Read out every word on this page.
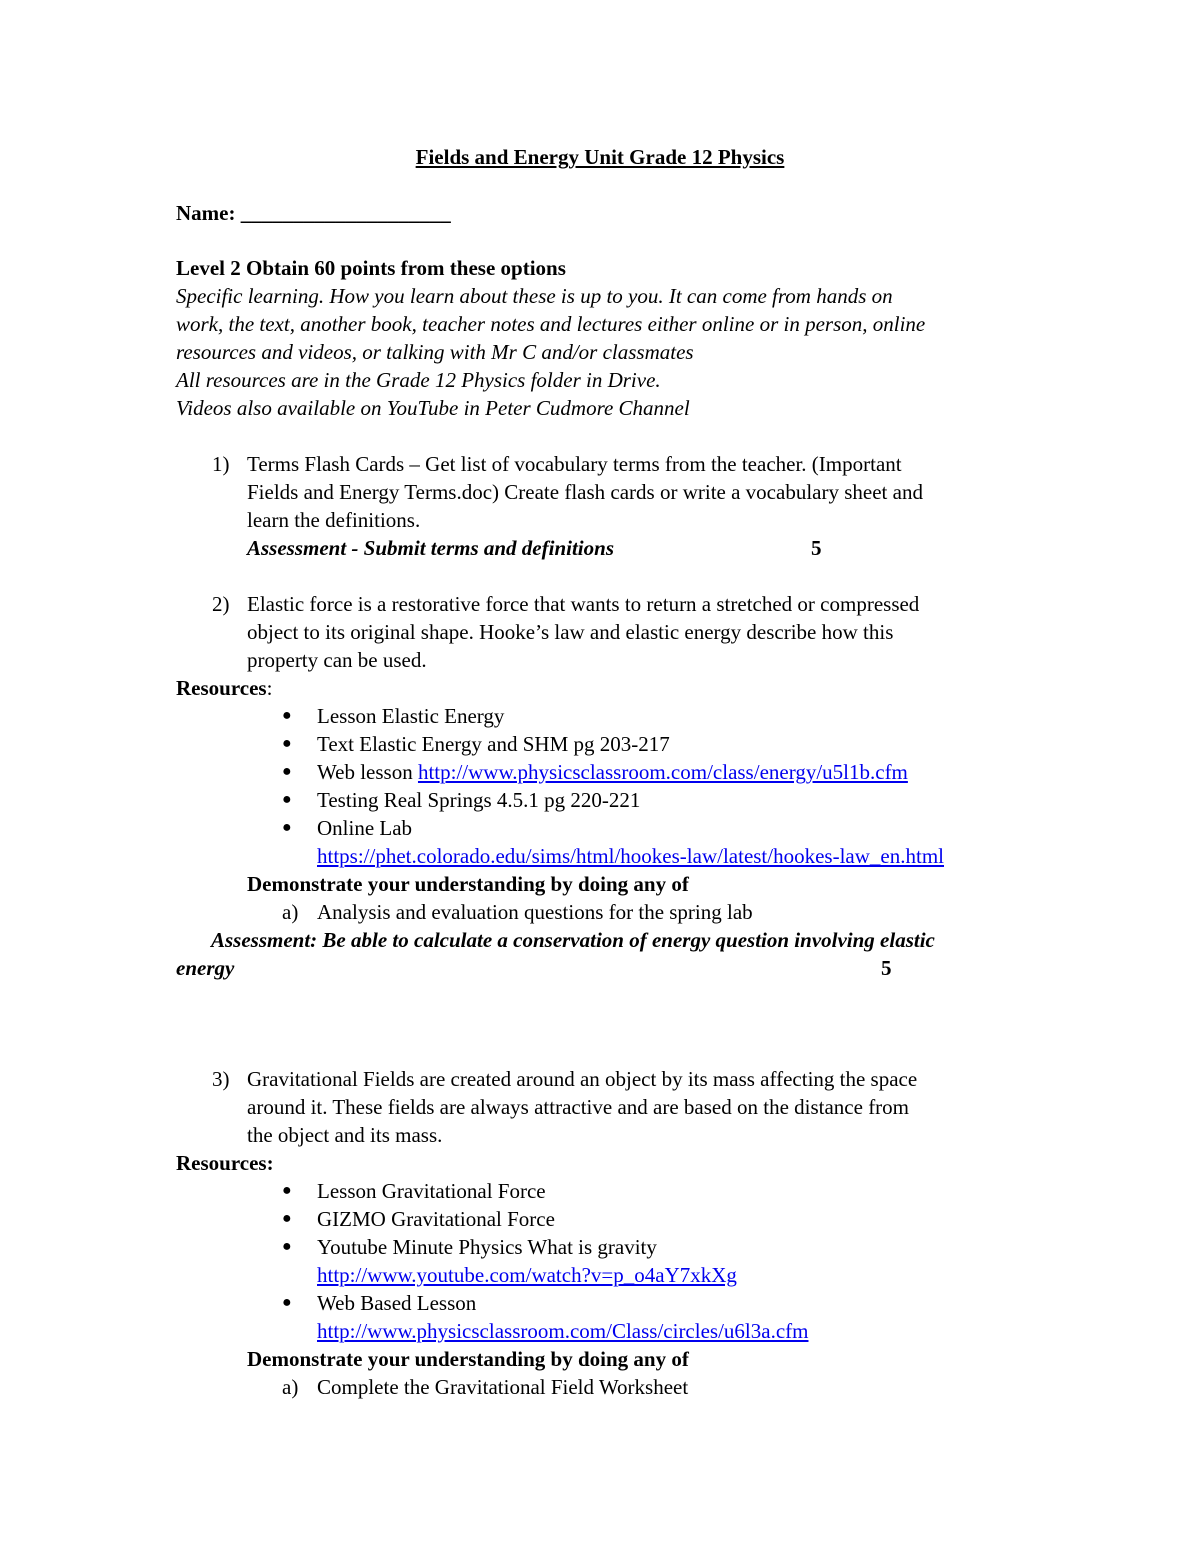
Fields and Energy Unit Grade 12 Physics
Name: ____________________
Level 2 Obtain 60 points from these options
Specific learning. How you learn about these is up to you. It can come from hands on
work, the text, another book, teacher notes and lectures either online or in person, online
resources and videos, or talking with Mr C and/or classmates
All resources are in the Grade 12 Physics folder in Drive.
Videos also available on YouTube in Peter Cudmore Channel
1) Terms Flash Cards – Get list of vocabulary terms from the teacher. (Important
Fields and Energy Terms.doc) Create flash cards or write a vocabulary sheet and
learn the definitions.
Assessment - Submit terms and definitions	5
2) Elastic force is a restorative force that wants to return a stretched or compressed
object to its original shape. Hooke’s law and elastic energy describe how this
property can be used.
Resources:
● Lesson Elastic Energy
● Text Elastic Energy and SHM pg 203-217
● Web lesson http://www.physicsclassroom.com/class/energy/u5l1b.cfm
● Testing Real Springs 4.5.1 pg 220-221
● Online Lab
https://phet.colorado.edu/sims/html/hookes-law/latest/hookes-law_en.html
Demonstrate your understanding by doing any of
a) Analysis and evaluation questions for the spring lab
Assessment: Be able to calculate a conservation of energy question involving elastic
energy	5
3) Gravitational Fields are created around an object by its mass affecting the space
around it. These fields are always attractive and are based on the distance from
the object and its mass.
Resources:
● Lesson Gravitational Force
● GIZMO Gravitational Force
● Youtube Minute Physics What is gravity
http://www.youtube.com/watch?v=p_o4aY7xkXg
● Web Based Lesson
http://www.physicsclassroom.com/Class/circles/u6l3a.cfm
Demonstrate your understanding by doing any of
a) Complete the Gravitational Field Worksheet
